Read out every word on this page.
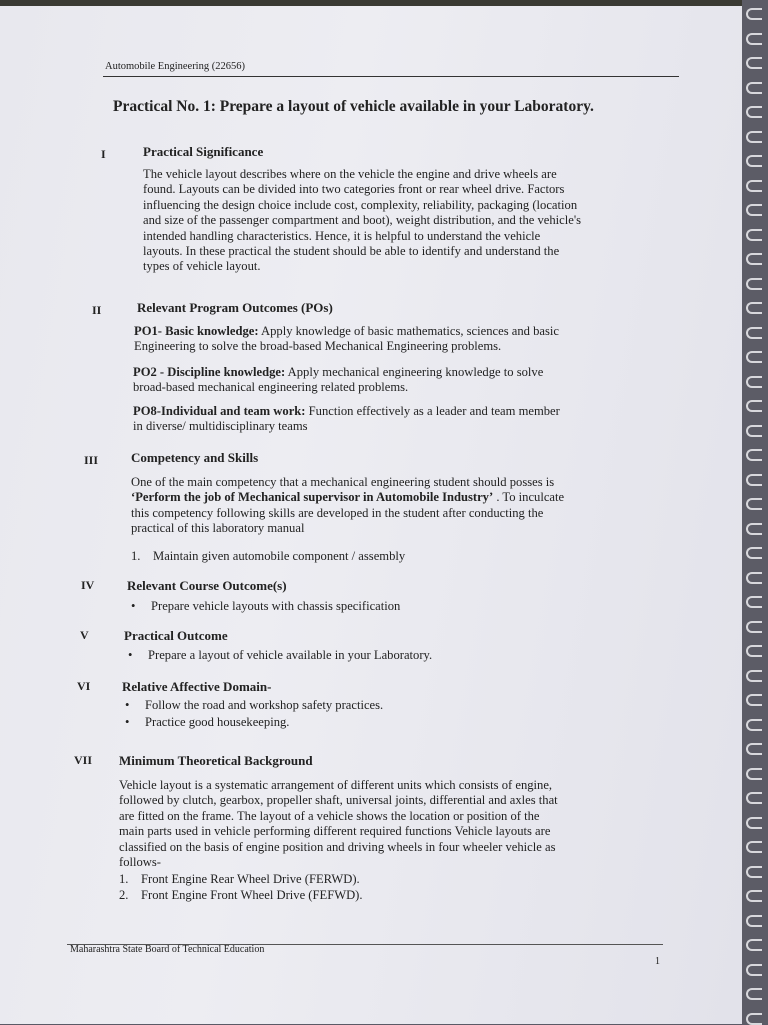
Automobile Engineering (22656)
Practical No. 1: Prepare a layout of vehicle available in your Laboratory.
I	Practical Significance
The vehicle layout describes where on the vehicle the engine and drive wheels are
found. Layouts can be divided into two categories front or rear wheel drive. Factors
influencing the design choice include cost, complexity, reliability, packaging (location
and size of the passenger compartment and boot), weight distribution, and the vehicle's
intended handling characteristics. Hence, it is helpful to understand the vehicle
layouts. In these practical the student should be able to identify and understand the
types of vehicle layout.
II	Relevant Program Outcomes (POs)
PO1- Basic knowledge: Apply knowledge of basic mathematics, sciences and basic
Engineering to solve the broad-based Mechanical Engineering problems.
PO2 - Discipline knowledge: Apply mechanical engineering knowledge to solve
broad-based mechanical engineering related problems.
PO8-Individual and team work: Function effectively as a leader and team member
in diverse/ multidisciplinary teams
III	Competency and Skills
One of the main competency that a mechanical engineering student should posses is
‘Perform the job of Mechanical supervisor in Automobile Industry’ . To inculcate
this competency following skills are developed in the student after conducting the
practical of this laboratory manual
1. Maintain given automobile component / assembly
IV	Relevant Course Outcome(s)
• Prepare vehicle layouts with chassis specification
V	Practical Outcome
• Prepare a layout of vehicle available in your Laboratory.
VI Relative Affective Domain-
• Follow the road and workshop safety practices.
• Practice good housekeeping.
VII Minimum Theoretical Background
Vehicle layout is a systematic arrangement of different units which consists of engine,
followed by clutch, gearbox, propeller shaft, universal joints, differential and axles that
are fitted on the frame. The layout of a vehicle shows the location or position of the
main parts used in vehicle performing different required functions Vehicle layouts are
classified on the basis of engine position and driving wheels in four wheeler vehicle as
follows-
1. Front Engine Rear Wheel Drive (FERWD).
2. Front Engine Front Wheel Drive (FEFWD).
Maharashtra State Board of Technical Education
1
